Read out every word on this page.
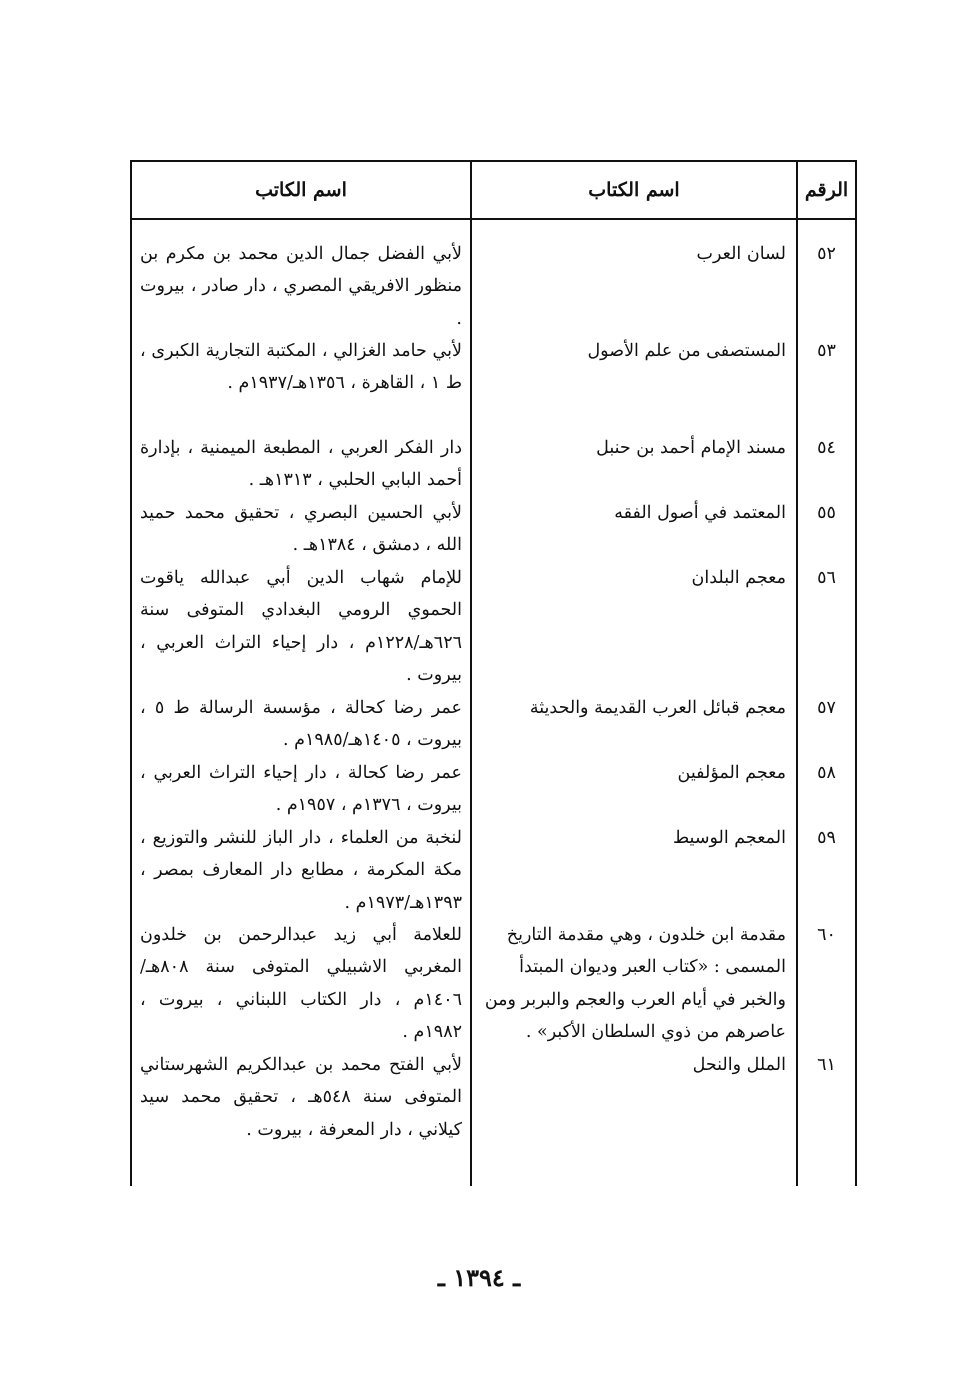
الرقم
اسم الكتاب
اسم الكاتب
٥٢
لسان العرب
لأبي الفضل جمال الدين محمد بن مكرم بن منظور الافريقي المصري ، دار صادر ، بيروت .
٥٣
المستصفى من علم الأصول
لأبي حامد الغزالي ، المكتبة التجارية الكبرى ، ط ١ ، القاهرة ، ١٣٥٦هـ/١٩٣٧م .
٥٤
مسند الإمام أحمد بن حنبل
دار الفكر العربي ، المطبعة الميمنية ، بإدارة أحمد البابي الحلبي ، ١٣١٣هـ .
٥٥
المعتمد في أصول الفقه
لأبي الحسين البصري ، تحقيق محمد حميد الله ، دمشق ، ١٣٨٤هـ .
٥٦
معجم البلدان
للإمام شهاب الدين أبي عبدالله ياقوت الحموي الرومي البغدادي المتوفى سنة ٦٢٦هـ/١٢٢٨م ، دار إحياء التراث العربي ، بيروت .
٥٧
معجم قبائل العرب القديمة والحديثة
عمر رضا كحالة ، مؤسسة الرسالة ط ٥ ، بيروت ، ١٤٠٥هـ/١٩٨٥م .
٥٨
معجم المؤلفين
عمر رضا كحالة ، دار إحياء التراث العربي ، بيروت ، ١٣٧٦م ، ١٩٥٧م .
٥٩
المعجم الوسيط
لنخبة من العلماء ، دار الباز للنشر والتوزيع ، مكة المكرمة ، مطابع دار المعارف بمصر ، ١٣٩٣هـ/١٩٧٣م .
٦٠
مقدمة ابن خلدون ، وهي مقدمة التاريخ المسمى : «كتاب العبر وديوان المبتدأ والخبر في أيام العرب والعجم والبربر ومن عاصرهم من ذوي السلطان الأكبر» .
للعلامة أبي زيد عبدالرحمن بن خلدون المغربي الاشبيلي المتوفى سنة ٨٠٨هـ/١٤٠٦م ، دار الكتاب اللبناني ، بيروت ، ١٩٨٢م .
٦١
الملل والنحل
لأبي الفتح محمد بن عبدالكريم الشهرستاني المتوفى سنة ٥٤٨هـ ، تحقيق محمد سيد كيلاني ، دار المعرفة ، بيروت .
ـ ١٣٩٤ ـ
